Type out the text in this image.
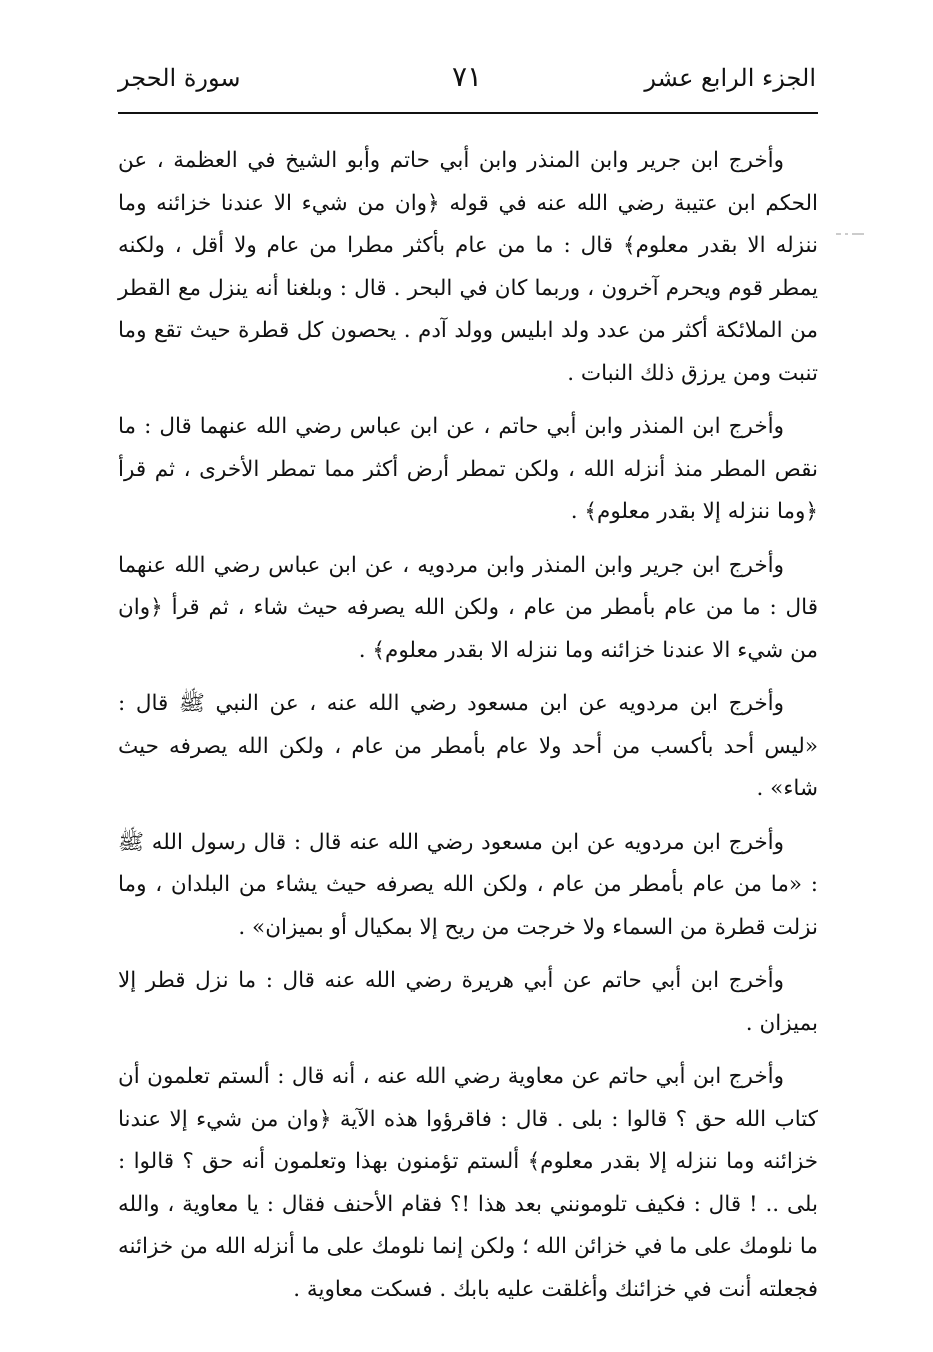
الجزء الرابع عشر
٧١
سورة الحجر

وأخرج ابن جرير وابن المنذر وابن أبي حاتم وأبو الشيخ في العظمة ، عن الحكم ابن عتيبة رضي الله عنه في قوله ﴿وان من شيء الا عندنا خزائنه وما ننزله الا بقدر معلوم﴾ قال : ما من عام بأكثر مطرا من عام ولا أقل ، ولكنه يمطر قوم ويحرم آخرون ، وربما كان في البحر . قال : وبلغنا أنه ينزل مع القطر من الملائكة أكثر من عدد ولد ابليس وولد آدم . يحصون كل قطرة حيث تقع وما تنبت ومن يرزق ذلك النبات .

وأخرج ابن المنذر وابن أبي حاتم ، عن ابن عباس رضي الله عنهما قال : ما نقص المطر منذ أنزله الله ، ولكن تمطر أرض أكثر مما تمطر الأخرى ، ثم قرأ ﴿وما ننزله إلا بقدر معلوم﴾ .

وأخرج ابن جرير وابن المنذر وابن مردويه ، عن ابن عباس رضي الله عنهما قال : ما من عام بأمطر من عام ، ولكن الله يصرفه حيث شاء ، ثم قرأ ﴿وان من شيء الا عندنا خزائنه وما ننزله الا بقدر معلوم﴾ .

وأخرج ابن مردويه عن ابن مسعود رضي الله عنه ، عن النبي ﷺ قال : «ليس أحد بأكسب من أحد ولا عام بأمطر من عام ، ولكن الله يصرفه حيث شاء» .

وأخرج ابن مردويه عن ابن مسعود رضي الله عنه قال : قال رسول الله ﷺ : «ما من عام بأمطر من عام ، ولكن الله يصرفه حيث يشاء من البلدان ، وما نزلت قطرة من السماء ولا خرجت من ريح إلا بمكيال أو بميزان» .

وأخرج ابن أبي حاتم عن أبي هريرة رضي الله عنه قال : ما نزل قطر إلا بميزان .

وأخرج ابن أبي حاتم عن معاوية رضي الله عنه ، أنه قال : ألستم تعلمون أن كتاب الله حق ؟ قالوا : بلى . قال : فاقرؤوا هذه الآية ﴿وان من شيء إلا عندنا خزائنه وما ننزله إلا بقدر معلوم﴾ ألستم تؤمنون بهذا وتعلمون أنه حق ؟ قالوا : بلى .. ! قال : فكيف تلومونني بعد هذا !؟ فقام الأحنف فقال : يا معاوية ، والله ما نلومك على ما في خزائن الله ؛ ولكن إنما نلومك على ما أنزله الله من خزائنه فجعلته أنت في خزائنك وأغلقت عليه بابك . فسكت معاوية .
